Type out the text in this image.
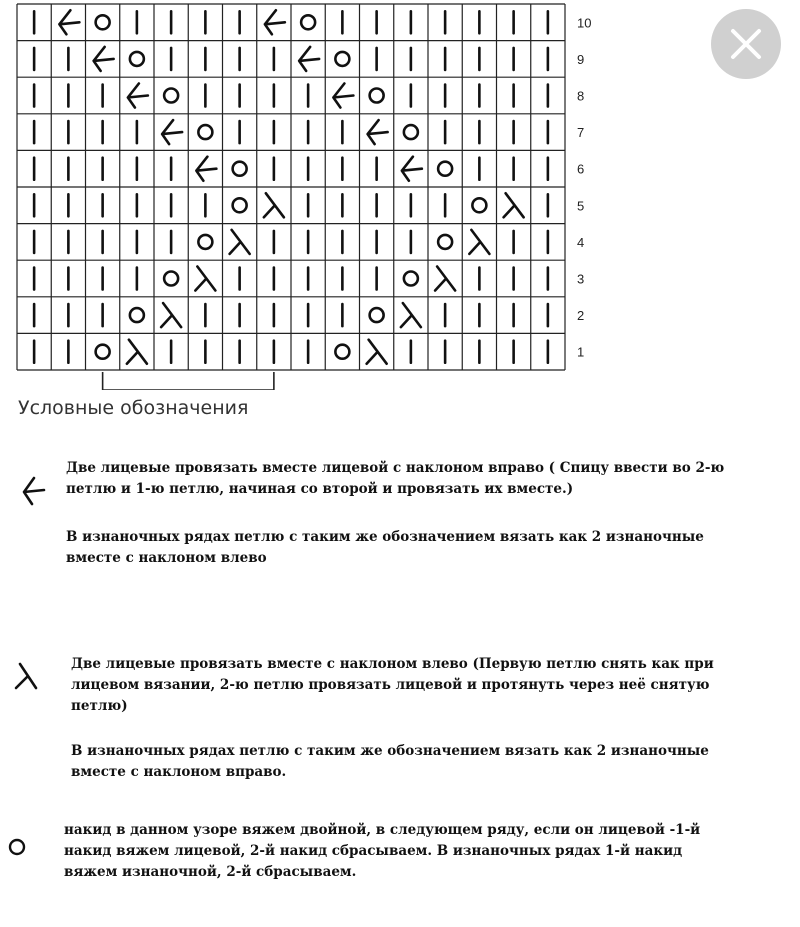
10
9
8
7
6
5
4
3
2
1
Условные обозначения
Две лицевые провязать вместе лицевой с наклоном вправо ( Спицу ввести во 2-ю
петлю и 1-ю петлю, начиная со второй и провязать их вместе.)
В изнаночных рядах петлю с таким же обозначением вязать как 2 изнаночные
вместе с наклоном влево
Две лицевые провязать вместе с наклоном влево (Первую петлю снять как при
лицевом вязании, 2-ю петлю провязать лицевой и протянуть через неё снятую
петлю)
В изнаночных рядах петлю с таким же обозначением вязать как 2 изнаночные
вместе с наклоном вправо.
накид в данном узоре вяжем двойной, в следующем ряду, если он лицевой -1-й
накид вяжем лицевой, 2-й накид сбрасываем. В изнаночных рядах 1-й накид
вяжем изнаночной, 2-й сбрасываем.
